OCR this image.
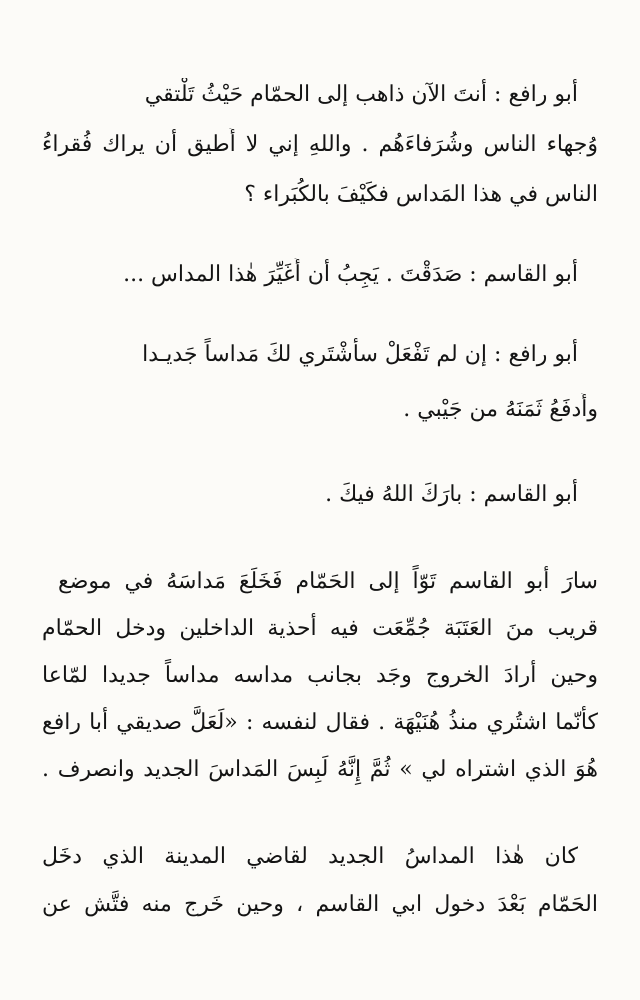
أبو رافع : أنتَ الآن ذاهب إلى الحمّام حَيْثُ تَلْتقي
وُجهاء الناس وشُرَفاءَهُم . واللهِ إني لا أُطيق أن يراك فُقراءُ
الناس في هذا المَداس فكَيْفَ بالكُبَراء ؟
أبو القاسم : صَدَقْتَ . يَجِبُ أن أُغَيِّرَ هٰذا المداس ...
أبو رافع : إن لم تَفْعَلْ سأَشْتَري لكَ مَداساً جَديـدا
وأَدفَعُ ثَمَنَهُ من جَيْبي .
أبو القاسم : بارَكَ اللهُ فيكَ .
سارَ أبو القاسم تَوّاً إلى الحَمّام فَخَلَعَ مَداسَهُ في موضع
قريب منَ العَتَبَة جُمِّعَت فيه أحذية الداخلين ودخل الحمّام
وحين أرادَ الخروج وجَد بجانب مداسه مداساً جديدا لمّاعا
كأنّما اشتُري منذُ هُنَيْهَة . فقال لنفسه : «لَعَلَّ صديقي أبا رافع
هُوَ الذي اشتراه لي » ثُمَّ إِنَّهُ لَبِسَ المَداسَ الجديد وانصرف .
كان هٰذا المداسُ الجديد لقاضي المدينة الذي دخَل
الحَمّام بَعْدَ دخول ابي القاسم ، وحين خَرج منه فتَّش عن
